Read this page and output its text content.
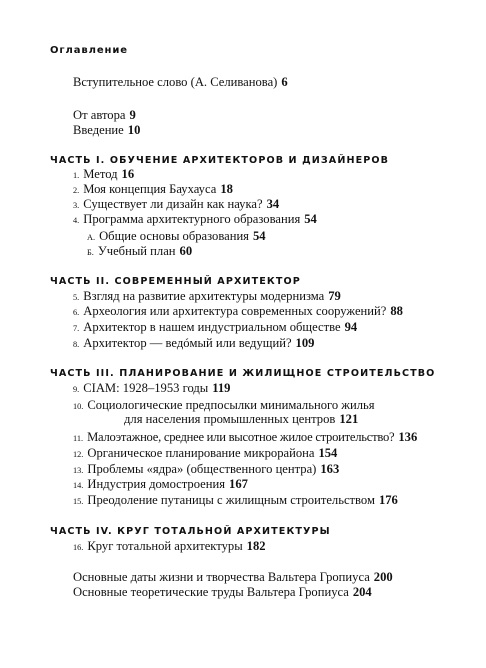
Оглавление
Вступительное слово (А. Селиванова) 6
От автора 9
Введение 10
ЧАСТЬ I. ОБУЧЕНИЕ АРХИТЕКТОРОВ И ДИЗАЙНЕРОВ
1. Метод 16
2. Моя концепция Баухауса 18
3. Существует ли дизайн как наука? 34
4. Программа архитектурного образования 54
А. Общие основы образования 54
Б. Учебный план 60
ЧАСТЬ II. СОВРЕМЕННЫЙ АРХИТЕКТОР
5. Взгляд на развитие архитектуры модернизма 79
6. Археология или архитектура современных сооружений? 88
7. Архитектор в нашем индустриальном обществе 94
8. Архитектор — ведóмый или ведущий? 109
ЧАСТЬ III. ПЛАНИРОВАНИЕ И ЖИЛИЩНОЕ СТРОИТЕЛЬСТВО
9. CIAM: 1928–1953 годы 119
10. Социологические предпосылки минимального жилья
для населения промышленных центров 121
11. Малоэтажное, среднее или высотное жилое строительство? 136
12. Органическое планирование микрорайона 154
13. Проблемы «ядра» (общественного центра) 163
14. Индустрия домостроения 167
15. Преодоление путаницы с жилищным строительством 176
ЧАСТЬ IV. КРУГ ТОТАЛЬНОЙ АРХИТЕКТУРЫ
16. Круг тотальной архитектуры 182
Основные даты жизни и творчества Вальтера Гропиуса 200
Основные теоретические труды Вальтера Гропиуса 204
